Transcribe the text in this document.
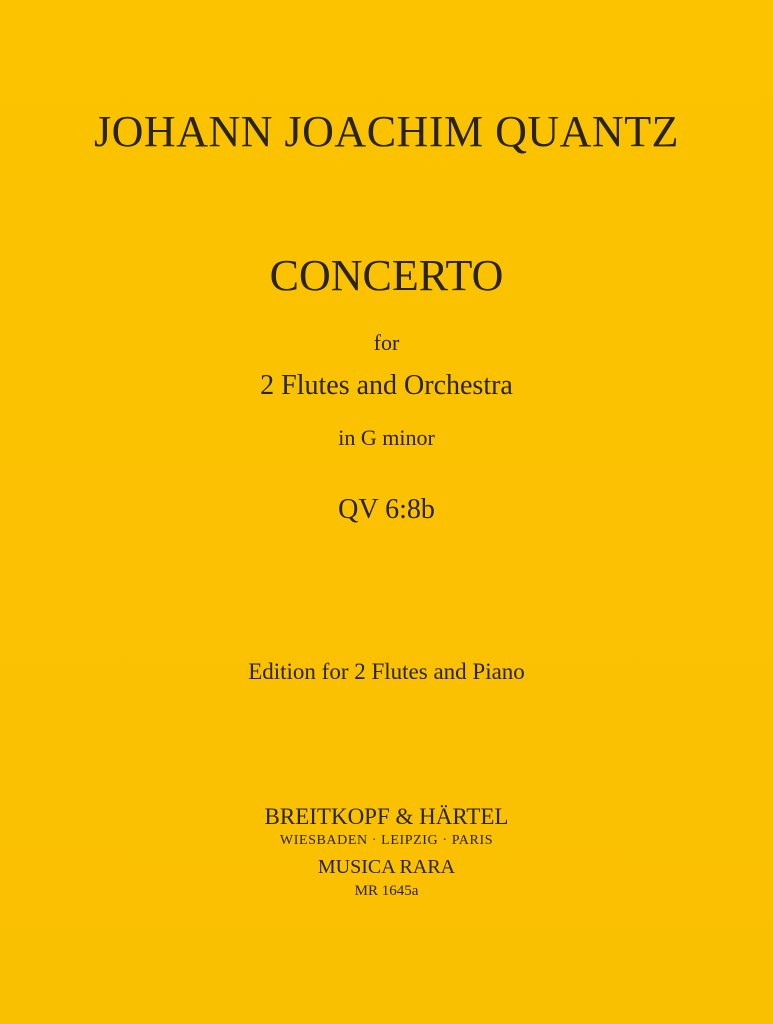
JOHANN JOACHIM QUANTZ
CONCERTO
for
2 Flutes and Orchestra
in G minor
QV 6:8b
Edition for 2 Flutes and Piano
BREITKOPF & HÄRTEL
WIESBADEN · LEIPZIG · PARIS
MUSICA RARA
MR 1645a
